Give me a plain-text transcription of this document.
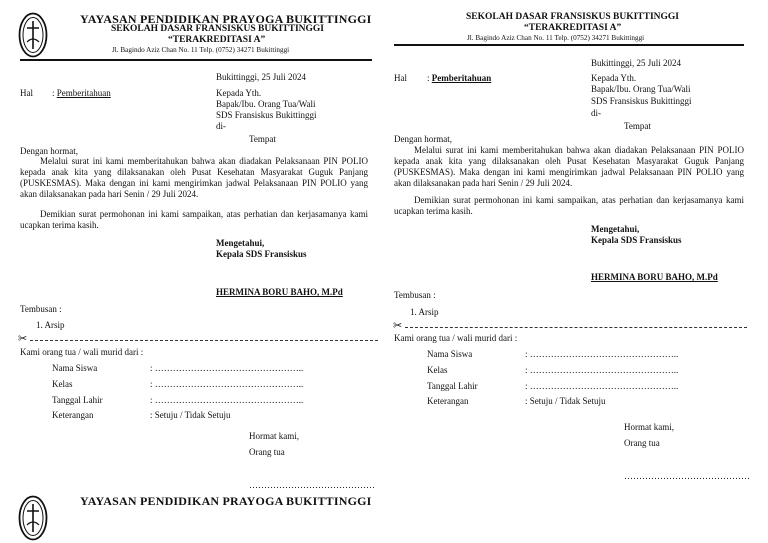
YAYASAN PENDIDIKAN PRAYOGA BUKITTINGGI
SEKOLAH DASAR FRANSISKUS BUKITTINGGI
“TERAKREDITASI A”
Jl. Bagindo Aziz Chan No. 11 Telp. (0752) 34271 Bukittinggi
Bukittinggi, 25 Juli 2024
Hal : Pemberitahuan	Kepada Yth.
Bapak/Ibu. Orang Tua/Wali
SDS Fransiskus Bukittinggi
di-
Tempat
Dengan hormat,
Melalui surat ini kami memberitahukan bahwa akan diadakan Pelaksanaan PIN POLIO kepada anak kita yang dilaksanakan oleh Pusat Kesehatan Masyarakat Guguk Panjang (PUSKESMAS). Maka dengan ini kami mengirimkan jadwal Pelaksanaan PIN POLIO yang akan dilaksanakan pada hari Senin / 29 Juli 2024.
Demikian surat permohonan ini kami sampaikan, atas perhatian dan kerjasamanya kami ucapkan terima kasih.
Mengetahui,
Kepala SDS Fransiskus
HERMINA BORU BAHO, M.Pd
Tembusan :
1. Arsip
✂
Kami orang tua / wali murid dari :
Nama Siswa	: …………………………………………..
Kelas	: …………………………………………..
Tanggal Lahir	: …………………………………………..
Keterangan	: Setuju / Tidak Setuju
Hormat kami,
Orang tua
……………………………………
YAYASAN PENDIDIKAN PRAYOGA BUKITTINGGI
SEKOLAH DASAR FRANSISKUS BUKITTINGGI
“TERAKREDITASI A”
Jl. Bagindo Aziz Chan No. 11 Telp. (0752) 34271 Bukittinggi
Bukittinggi, 25 Juli 2024
Hal : Pemberitahuan	Kepada Yth.
Bapak/Ibu. Orang Tua/Wali
SDS Fransiskus Bukittinggi
di-
Tempat
Dengan hormat,
Melalui surat ini kami memberitahukan bahwa akan diadakan Pelaksanaan PIN POLIO kepada anak kita yang dilaksanakan oleh Pusat Kesehatan Masyarakat Guguk Panjang (PUSKESMAS). Maka dengan ini kami mengirimkan jadwal Pelaksanaan PIN POLIO yang akan dilaksanakan pada hari Senin / 29 Juli 2024.
Demikian surat permohonan ini kami sampaikan, atas perhatian dan kerjasamanya kami ucapkan terima kasih.
Mengetahui,
Kepala SDS Fransiskus
HERMINA BORU BAHO, M.Pd
Tembusan :
1. Arsip
✂
Kami orang tua / wali murid dari :
Nama Siswa	: …………………………………………..
Kelas	: …………………………………………..
Tanggal Lahir	: …………………………………………..
Keterangan	: Setuju / Tidak Setuju
Hormat kami,
Orang tua
……………………………………
